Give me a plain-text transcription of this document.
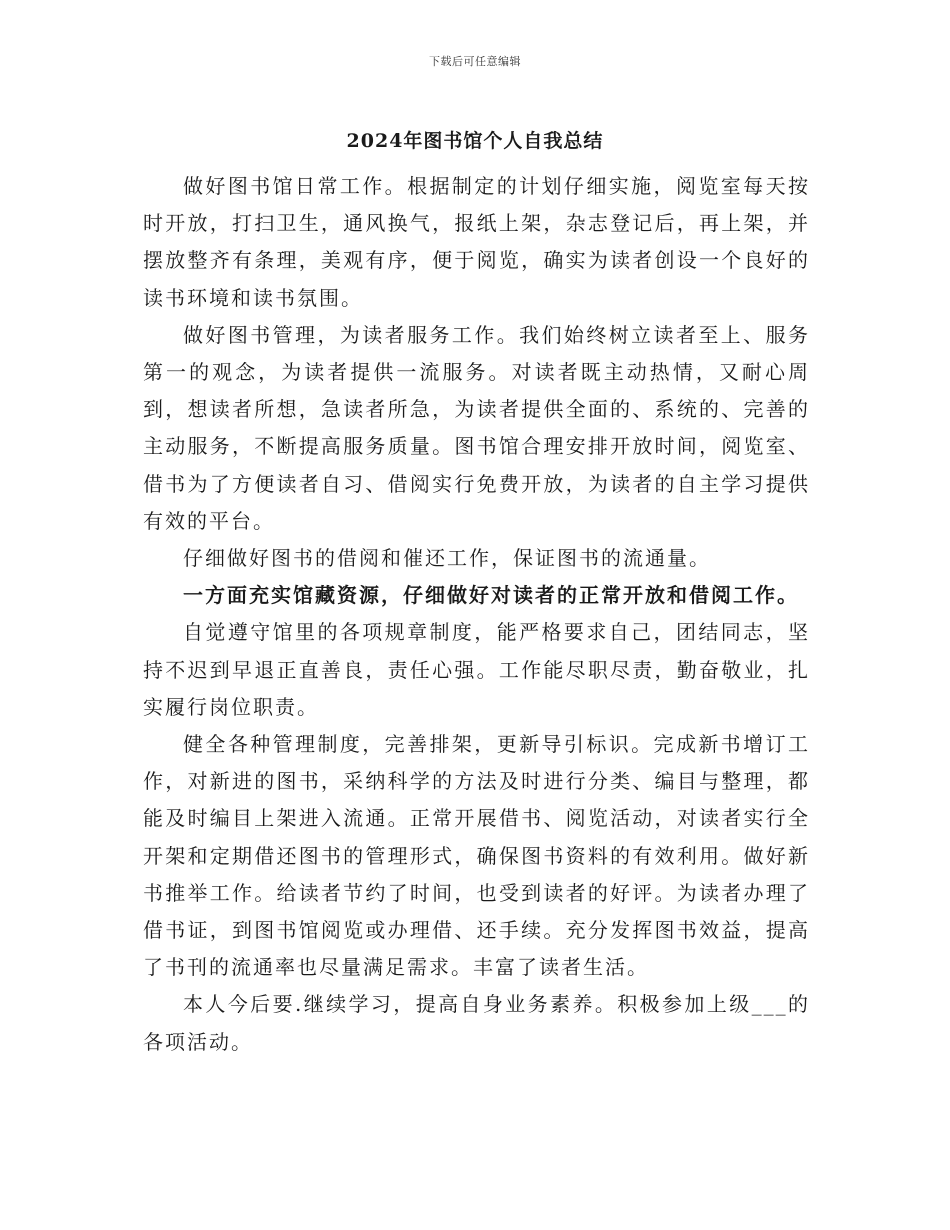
下载后可任意编辑
2024年图书馆个人自我总结

做好图书馆日常工作。根据制定的计划仔细实施，阅览室每天按时开放，打扫卫生，通风换气，报纸上架，杂志登记后，再上架，并摆放整齐有条理，美观有序，便于阅览，确实为读者创设一个良好的读书环境和读书氛围。

做好图书管理，为读者服务工作。我们始终树立读者至上、服务第一的观念，为读者提供一流服务。对读者既主动热情，又耐心周到，想读者所想，急读者所急，为读者提供全面的、系统的、完善的主动服务，不断提高服务质量。图书馆合理安排开放时间，阅览室、借书为了方便读者自习、借阅实行免费开放，为读者的自主学习提供有效的平台。

仔细做好图书的借阅和催还工作，保证图书的流通量。

一方面充实馆藏资源，仔细做好对读者的正常开放和借阅工作。

自觉遵守馆里的各项规章制度，能严格要求自己，团结同志，坚持不迟到早退正直善良，责任心强。工作能尽职尽责，勤奋敬业，扎实履行岗位职责。

健全各种管理制度，完善排架，更新导引标识。完成新书增订工作，对新进的图书，采纳科学的方法及时进行分类、编目与整理，都能及时编目上架进入流通。正常开展借书、阅览活动，对读者实行全开架和定期借还图书的管理形式，确保图书资料的有效利用。做好新书推举工作。给读者节约了时间，也受到读者的好评。为读者办理了借书证，到图书馆阅览或办理借、还手续。充分发挥图书效益，提高了书刊的流通率也尽量满足需求。丰富了读者生活。

本人今后要.继续学习，提高自身业务素养。积极参加上级___的各项活动。
